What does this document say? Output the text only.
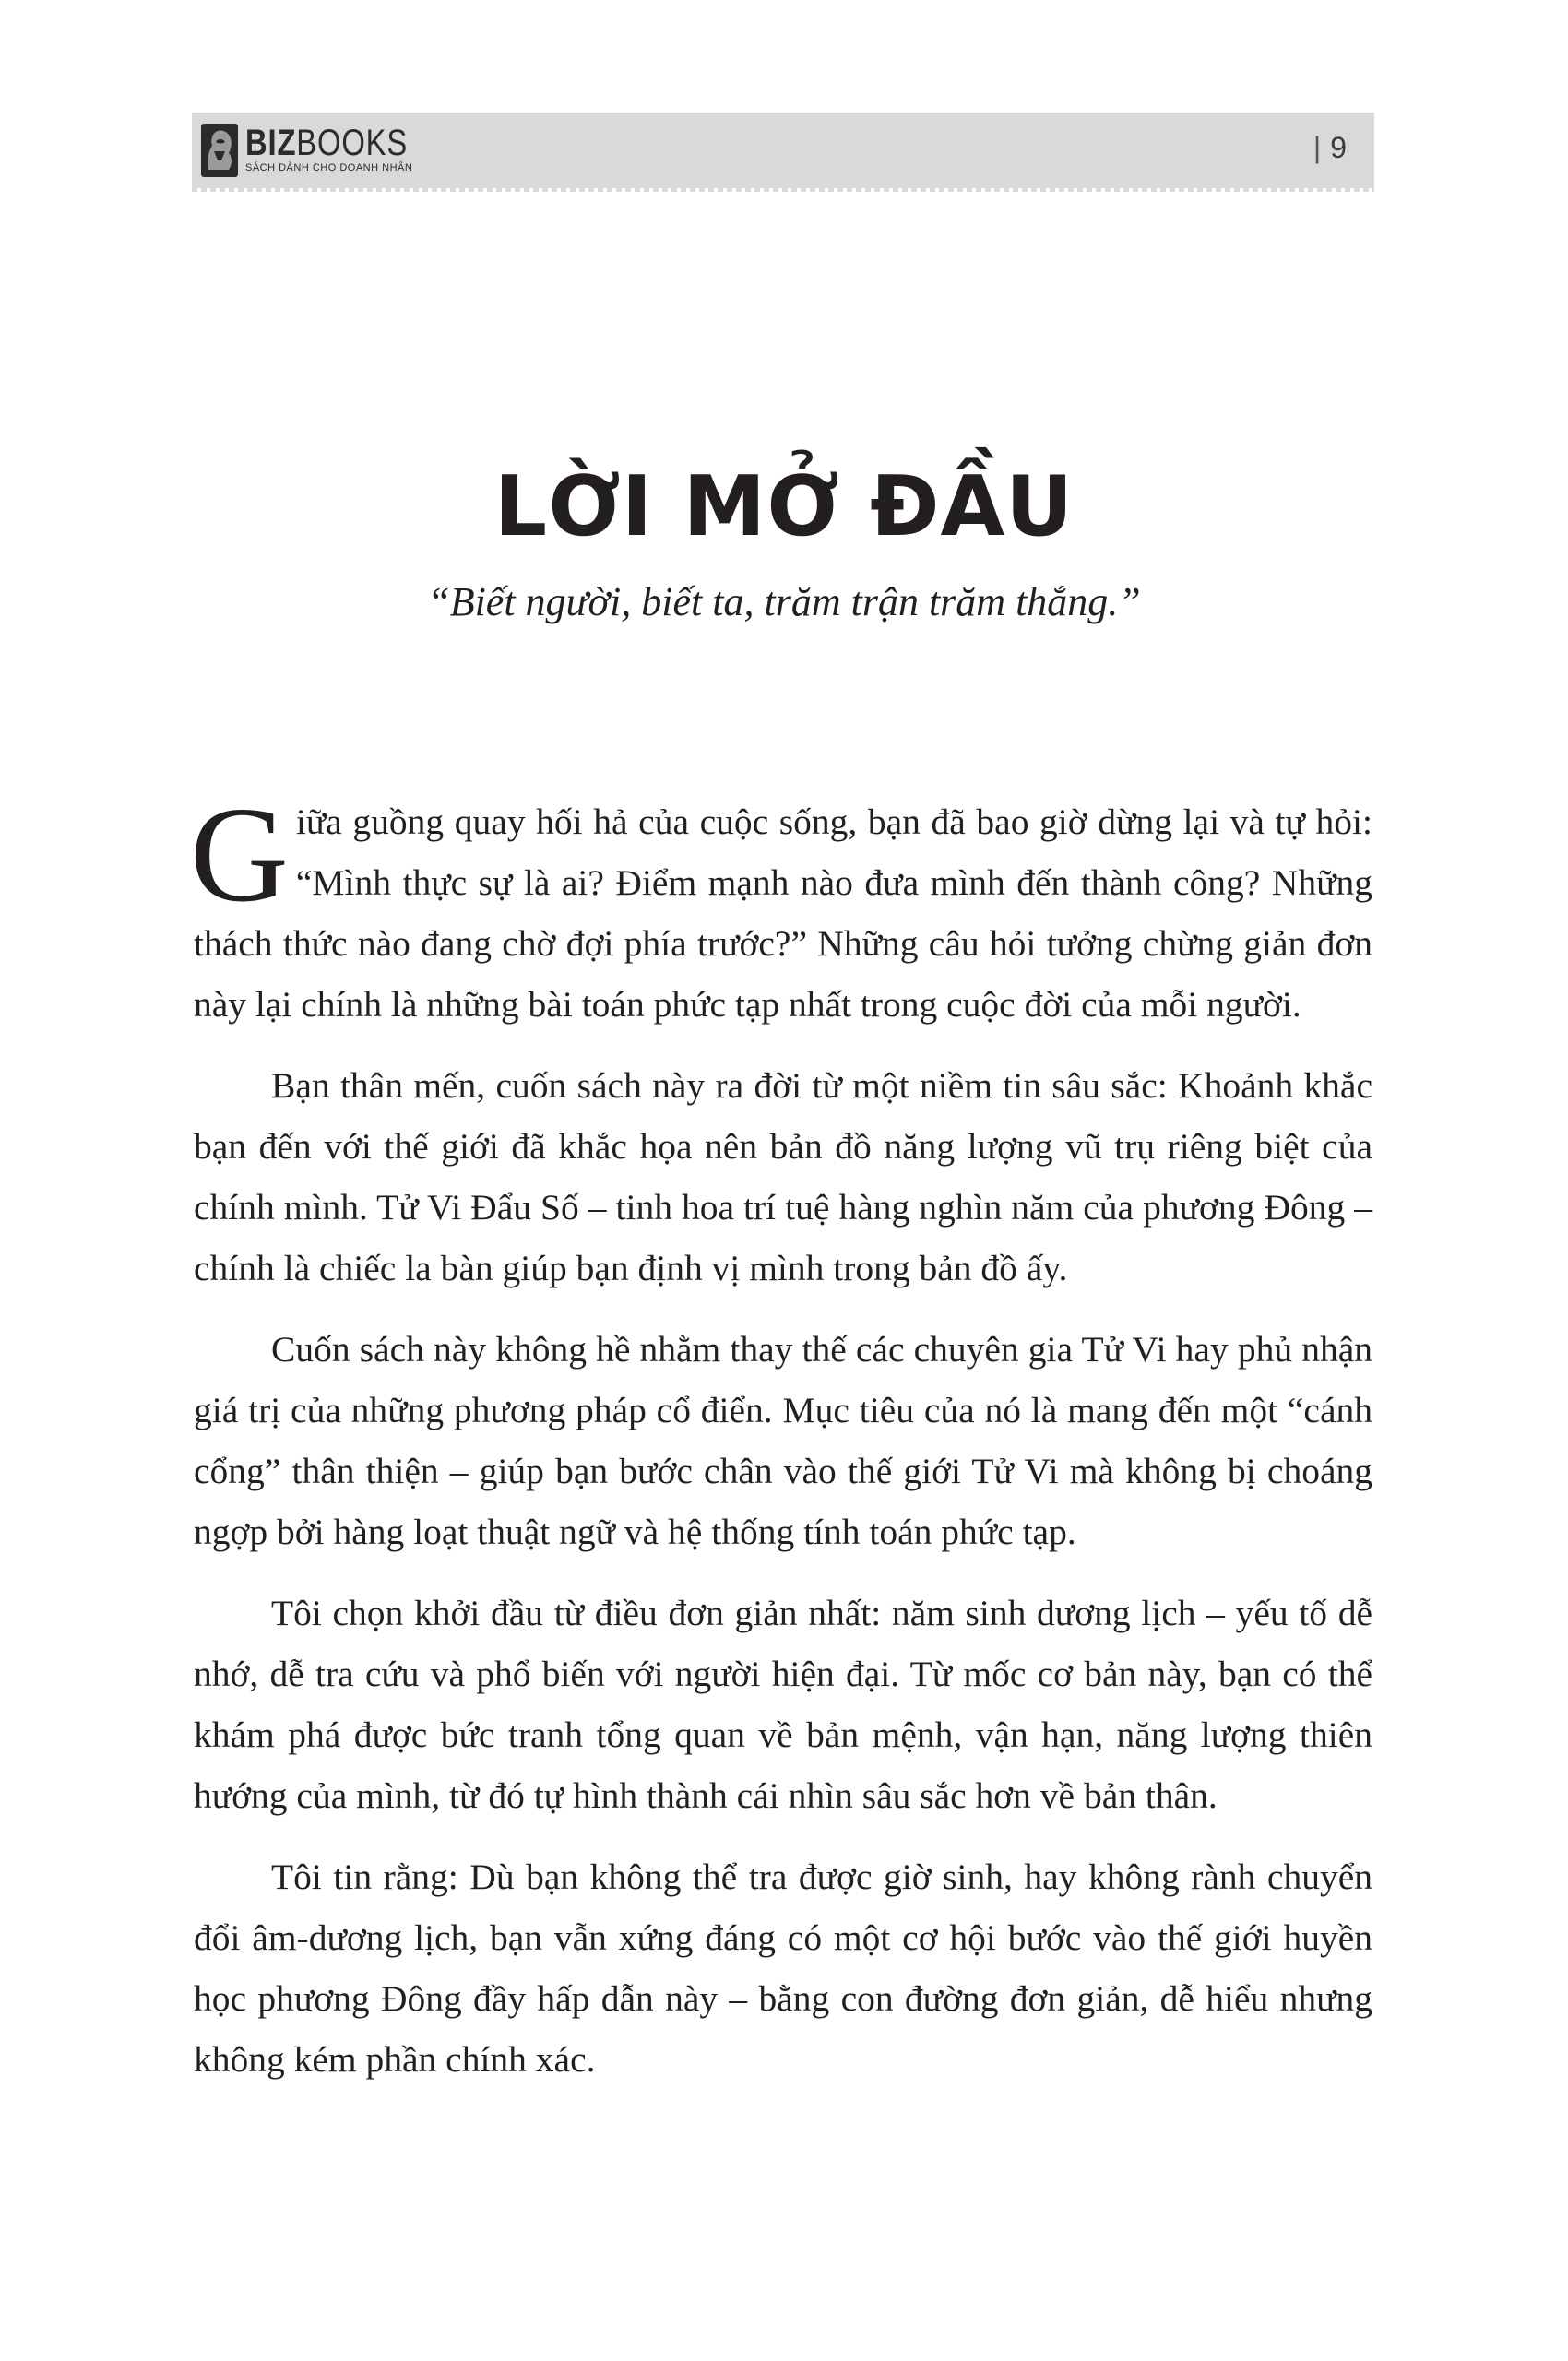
BIZBOOKS
SÁCH DÀNH CHO DOANH NHÂN
| 9
LỜI MỞ ĐẦU
“Biết người, biết ta, trăm trận trăm thắng.”

Giữa guồng quay hối hả của cuộc sống, bạn đã bao giờ dừng lại và tự hỏi: “Mình thực sự là ai? Điểm mạnh nào đưa mình đến thành công? Những thách thức nào đang chờ đợi phía trước?” Những câu hỏi tưởng chừng giản đơn này lại chính là những bài toán phức tạp nhất trong cuộc đời của mỗi người.

Bạn thân mến, cuốn sách này ra đời từ một niềm tin sâu sắc: Khoảnh khắc bạn đến với thế giới đã khắc họa nên bản đồ năng lượng vũ trụ riêng biệt của chính mình. Tử Vi Đẩu Số – tinh hoa trí tuệ hàng nghìn năm của phương Đông – chính là chiếc la bàn giúp bạn định vị mình trong bản đồ ấy.

Cuốn sách này không hề nhằm thay thế các chuyên gia Tử Vi hay phủ nhận giá trị của những phương pháp cổ điển. Mục tiêu của nó là mang đến một “cánh cổng” thân thiện – giúp bạn bước chân vào thế giới Tử Vi mà không bị choáng ngợp bởi hàng loạt thuật ngữ và hệ thống tính toán phức tạp.

Tôi chọn khởi đầu từ điều đơn giản nhất: năm sinh dương lịch – yếu tố dễ nhớ, dễ tra cứu và phổ biến với người hiện đại. Từ mốc cơ bản này, bạn có thể khám phá được bức tranh tổng quan về bản mệnh, vận hạn, năng lượng thiên hướng của mình, từ đó tự hình thành cái nhìn sâu sắc hơn về bản thân.

Tôi tin rằng: Dù bạn không thể tra được giờ sinh, hay không rành chuyển đổi âm-dương lịch, bạn vẫn xứng đáng có một cơ hội bước vào thế giới huyền học phương Đông đầy hấp dẫn này – bằng con đường đơn giản, dễ hiểu nhưng không kém phần chính xác.
